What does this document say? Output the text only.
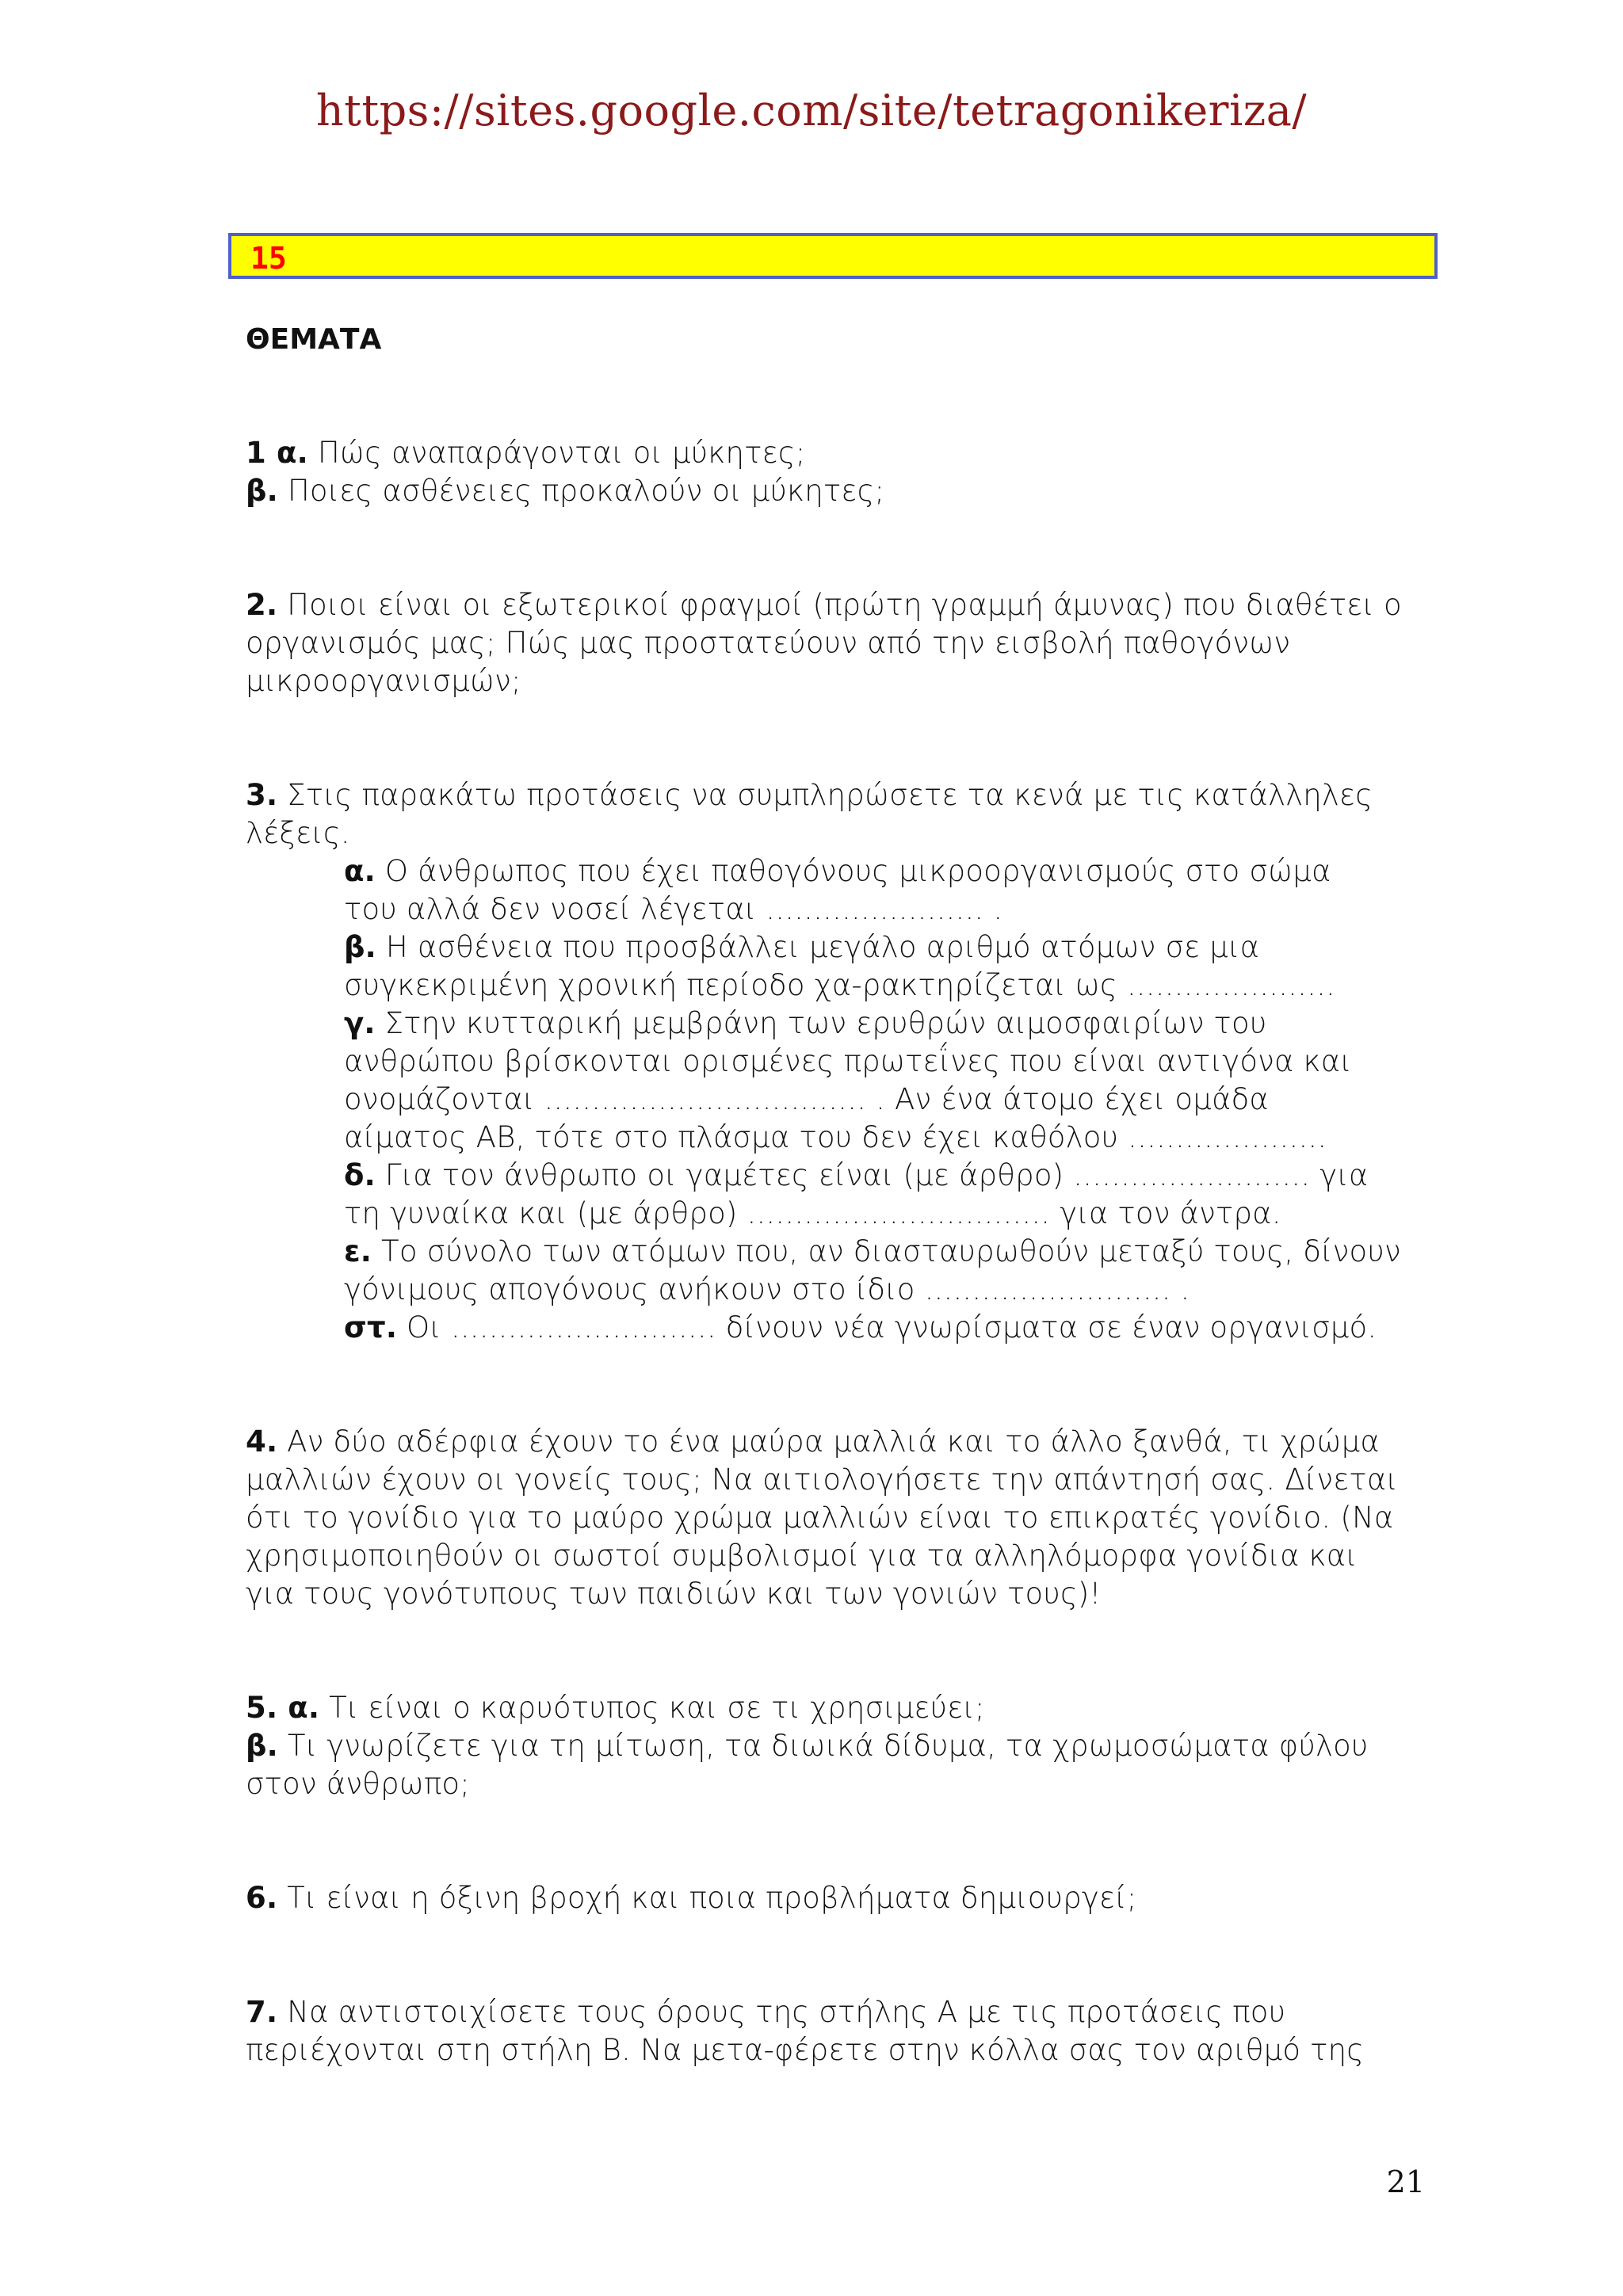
https://sites.google.com/site/tetragonikeriza/
15
ΘΕΜΑΤΑ
1 α. Πώς αναπαράγονται οι μύκητες;
β. Ποιες ασθένειες προκαλούν οι μύκητες;
2. Ποιοι είναι οι εξωτερικοί φραγμοί (πρώτη γραμμή άμυνας) που διαθέτει ο
οργανισμός μας; Πώς μας προστατεύουν από την εισβολή παθογόνων
μικροοργανισμών;
3. Στις παρακάτω προτάσεις να συμπληρώσετε τα κενά με τις κατάλληλες
λέξεις.
α. Ο άνθρωπος που έχει παθογόνους μικροοργανισμούς στο σώμα
του αλλά δεν νοσεί λέγεται ....................... .
β. Η ασθένεια που προσβάλλει μεγάλο αριθμό ατόμων σε μια
συγκεκριμένη χρονική περίοδο χα-ρακτηρίζεται ως ......................
γ. Στην κυτταρική μεμβράνη των ερυθρών αιμοσφαιρίων του
ανθρώπου βρίσκονται ορισμένες πρωτεΐνες που είναι αντιγόνα και
ονομάζονται .................................. . Αν ένα άτομο έχει ομάδα
αίματος ΑΒ, τότε στο πλάσμα του δεν έχει καθόλου .....................
δ. Για τον άνθρωπο οι γαμέτες είναι (με άρθρο) ......................... για
τη γυναίκα και (με άρθρο) ................................ για τον άντρα.
ε. Το σύνολο των ατόμων που, αν διασταυρωθούν μεταξύ τους, δίνουν
γόνιμους απογόνους ανήκουν στο ίδιο .......................... .
στ. Οι ............................ δίνουν νέα γνωρίσματα σε έναν οργανισμό.
4. Αν δύο αδέρφια έχουν το ένα μαύρα μαλλιά και το άλλο ξανθά, τι χρώμα
μαλλιών έχουν οι γονείς τους; Να αιτιολογήσετε την απάντησή σας. Δίνεται
ότι το γονίδιο για το μαύρο χρώμα μαλλιών είναι το επικρατές γονίδιο. (Να
χρησιμοποιηθούν οι σωστοί συμβολισμοί για τα αλληλόμορφα γονίδια και
για τους γονότυπους των παιδιών και των γονιών τους)!
5. α. Τι είναι ο καρυότυπος και σε τι χρησιμεύει;
β. Τι γνωρίζετε για τη μίτωση, τα διωικά δίδυμα, τα χρωμοσώματα φύλου
στον άνθρωπο;
6. Τι είναι η όξινη βροχή και ποια προβλήματα δημιουργεί;
7. Να αντιστοιχίσετε τους όρους της στήλης Α με τις προτάσεις που
περιέχονται στη στήλη Β. Να μετα-φέρετε στην κόλλα σας τον αριθμό της
21
